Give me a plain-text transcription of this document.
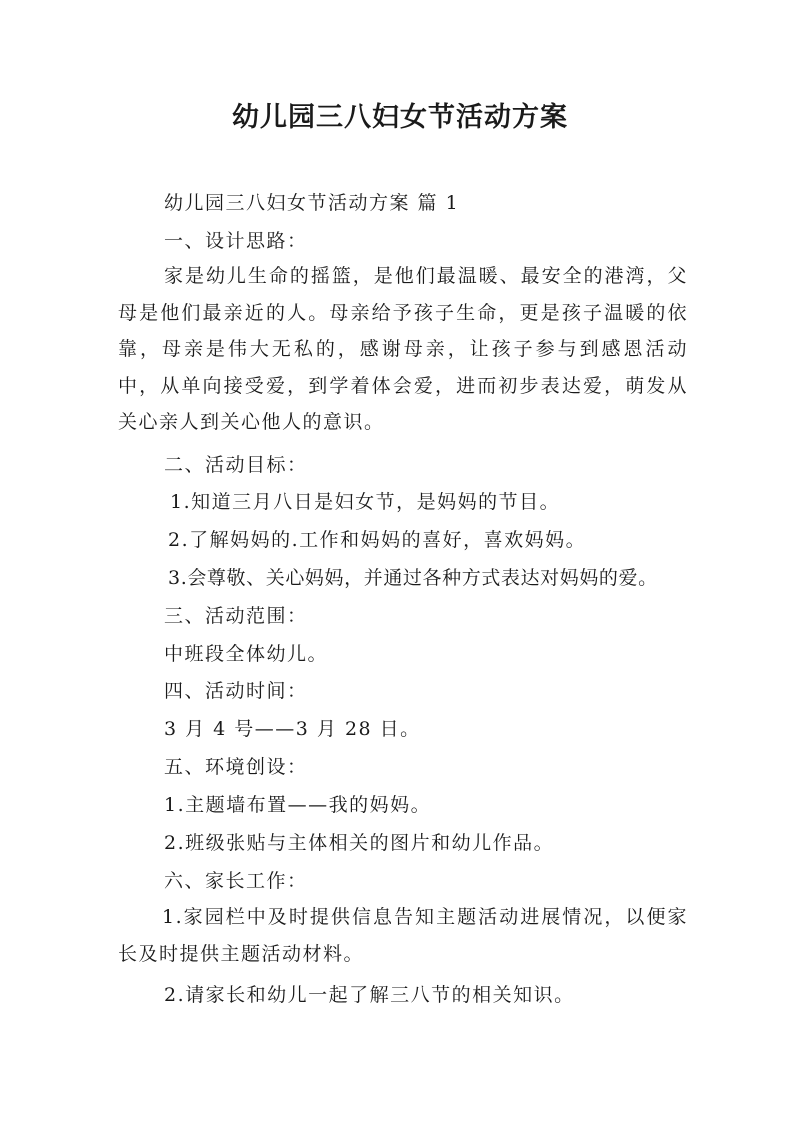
幼儿园三八妇女节活动方案
幼儿园三八妇女节活动方案 篇 1
一、设计思路：
家是幼儿生命的摇篮，是他们最温暖、最安全的港湾，父母是他们最亲近的人。母亲给予孩子生命，更是孩子温暖的依靠，母亲是伟大无私的，感谢母亲，让孩子参与到感恩活动中，从单向接受爱，到学着体会爱，进而初步表达爱，萌发从关心亲人到关心他人的意识。
二、活动目标：
1.知道三月八日是妇女节，是妈妈的节目。
2.了解妈妈的.工作和妈妈的喜好，喜欢妈妈。
3.会尊敬、关心妈妈，并通过各种方式表达对妈妈的爱。
三、活动范围：
中班段全体幼儿。
四、活动时间：
3 月 4 号——3 月 28 日。
五、环境创设：
1.主题墙布置——我的妈妈。
2.班级张贴与主体相关的图片和幼儿作品。
六、家长工作：
1.家园栏中及时提供信息告知主题活动进展情况，以便家长及时提供主题活动材料。
2.请家长和幼儿一起了解三八节的相关知识。
